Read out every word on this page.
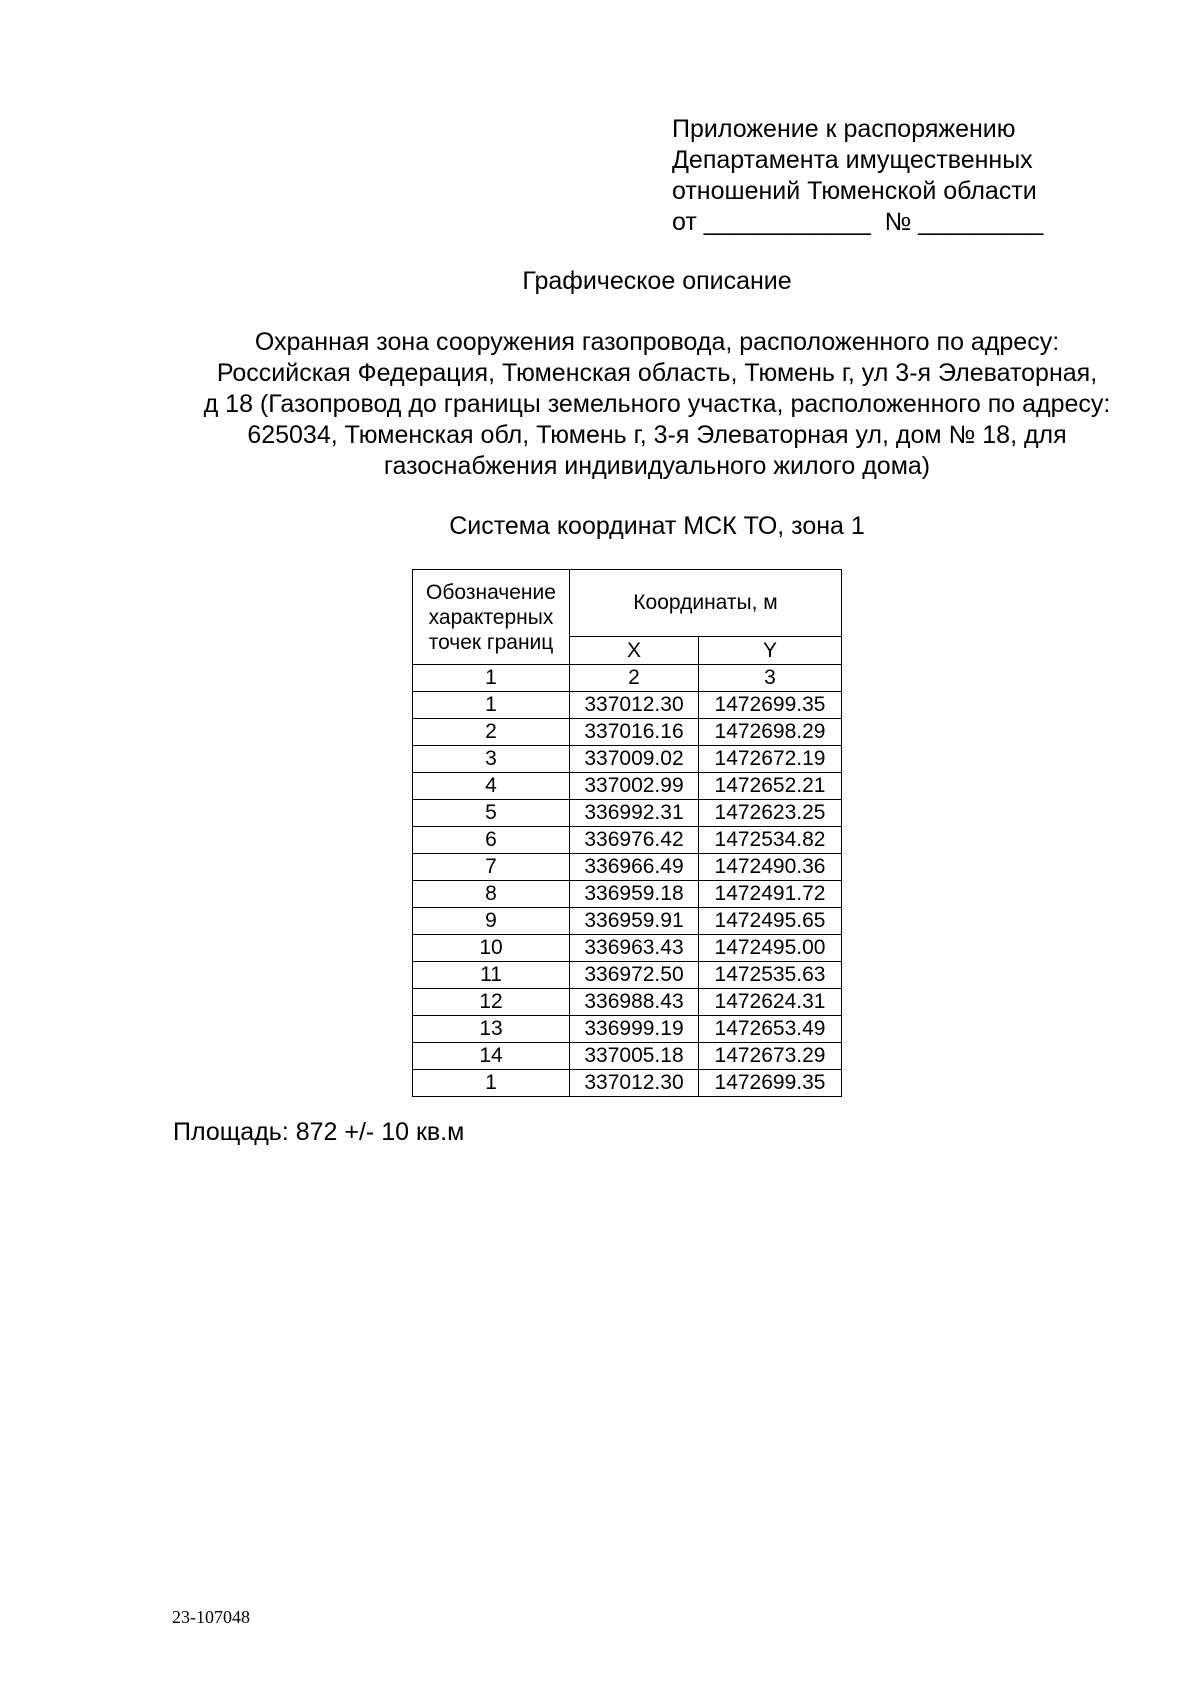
Приложение к распоряжению
Департамента имущественных
отношений Тюменской области
от ____________  № _________
Графическое описание
Охранная зона сооружения газопровода, расположенного по адресу:
Российская Федерация, Тюменская область, Тюмень г, ул 3-я Элеваторная,
д 18 (Газопровод до границы земельного участка, расположенного по адресу:
625034, Тюменская обл, Тюмень г, 3-я Элеваторная ул, дом № 18, для
газоснабжения индивидуального жилого дома)
Система координат МСК ТО, зона 1
Обозначение
характерных
точек границ	Координаты, м	
	X	Y
1	2	3
1	337012.30	1472699.35
2	337016.16	1472698.29
3	337009.02	1472672.19
4	337002.99	1472652.21
5	336992.31	1472623.25
6	336976.42	1472534.82
7	336966.49	1472490.36
8	336959.18	1472491.72
9	336959.91	1472495.65
10	336963.43	1472495.00
11	336972.50	1472535.63
12	336988.43	1472624.31
13	336999.19	1472653.49
14	337005.18	1472673.29
1	337012.30	1472699.35
Площадь: 872 +/- 10 кв.м
23-107048
